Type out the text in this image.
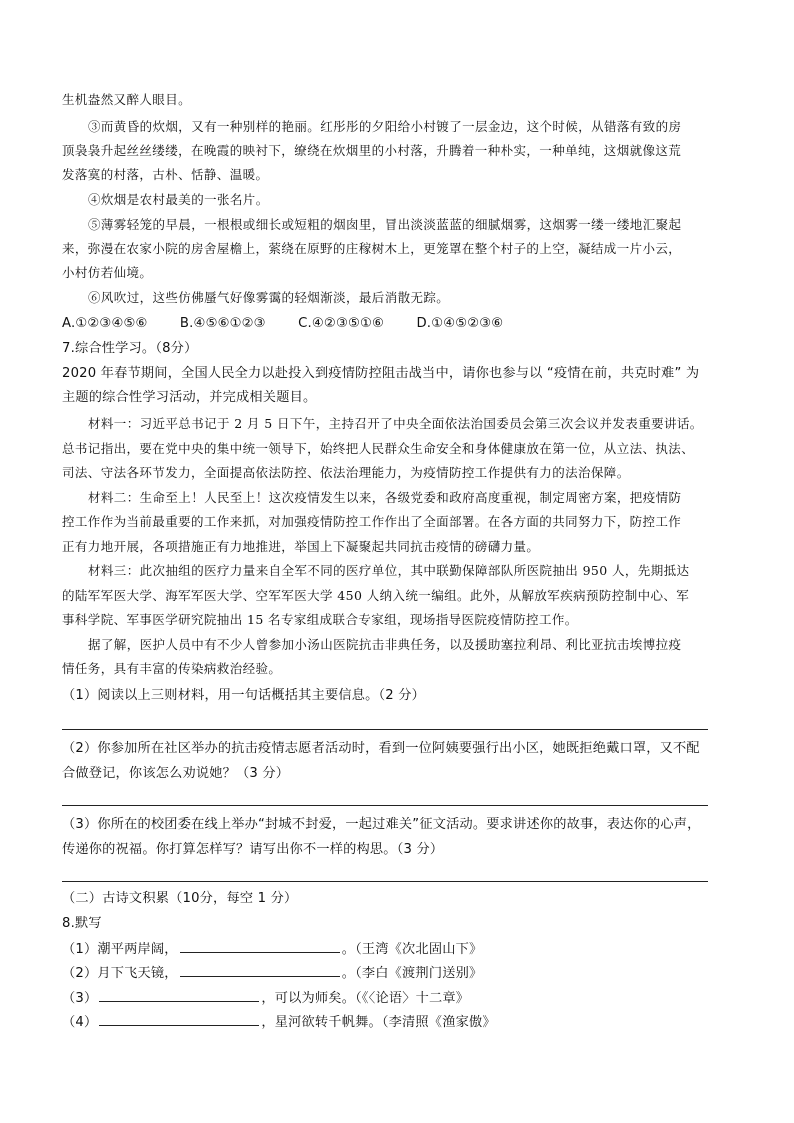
生机盎然又醉人眼目。
③而黄昏的炊烟，又有一种别样的艳丽。红彤彤的夕阳给小村镀了一层金边，这个时候，从错落有致的房
顶袅袅升起丝丝缕缕，在晚霞的映衬下，缭绕在炊烟里的小村落，升腾着一种朴实，一种单纯，这烟就像这荒
发落寞的村落，古朴、恬静、温暖。
④炊烟是农村最美的一张名片。
⑤薄雾轻笼的早晨，一根根或细长或短粗的烟囱里，冒出淡淡蓝蓝的细腻烟雾，这烟雾一缕一缕地汇聚起
来，弥漫在农家小院的房舍屋檐上，萦绕在原野的庄稼树木上，更笼罩在整个村子的上空，凝结成一片小云，
小村仿若仙境。
⑥风吹过，这些仿佛蜃气好像雾霭的轻烟渐淡，最后消散无踪。
A.①②③④⑤⑥ B.④⑤⑥①②③ C.④②③⑤①⑥ D.①④⑤②③⑥
7.综合性学习。（8分）
2020 年春节期间，全国人民全力以赴投入到疫情防控阻击战当中，请你也参与以 “疫情在前，共克时难” 为
主题的综合性学习活动，并完成相关题目。
材料一：习近平总书记于 2 月 5 日下午，主持召开了中央全面依法治国委员会第三次会议并发表重要讲话。
总书记指出，要在党中央的集中统一领导下，始终把人民群众生命安全和身体健康放在第一位，从立法、执法、
司法、守法各环节发力，全面提高依法防控、依法治理能力，为疫情防控工作提供有力的法治保障。
材料二：生命至上！人民至上！这次疫情发生以来，各级党委和政府高度重视，制定周密方案，把疫情防
控工作作为当前最重要的工作来抓，对加强疫情防控工作作出了全面部署。在各方面的共同努力下，防控工作
正有力地开展，各项措施正有力地推进，举国上下凝聚起共同抗击疫情的磅礴力量。
材料三：此次抽组的医疗力量来自全军不同的医疗单位，其中联勤保障部队所医院抽出 950 人，先期抵达
的陆军军医大学、海军军医大学、空军军医大学 450 人纳入统一编组。此外，从解放军疾病预防控制中心、军
事科学院、军事医学研究院抽出 15 名专家组成联合专家组，现场指导医院疫情防控工作。
据了解，医护人员中有不少人曾参加小汤山医院抗击非典任务，以及援助塞拉利昂、利比亚抗击埃博拉疫
情任务，具有丰富的传染病救治经验。
（1）阅读以上三则材料，用一句话概括其主要信息。（2 分）
（2）你参加所在社区举办的抗击疫情志愿者活动时，看到一位阿姨要强行出小区，她既拒绝戴口罩，又不配
合做登记，你该怎么劝说她？（3 分）
（3）你所在的校团委在线上举办“封城不封爱，一起过难关”征文活动。要求讲述你的故事，表达你的心声，
传递你的祝福。你打算怎样写？请写出你不一样的构思。（3 分）
（二）古诗文积累（10分，每空 1 分）
8.默写
（1）潮平两岸阔，	。（王湾《次北固山下》
（2）月下飞天镜，	。（李白《渡荆门送别》
（3）	，可以为师矣。（《〈论语〉十二章》
（4）	，星河欲转千帆舞。（李清照《渔家傲》
